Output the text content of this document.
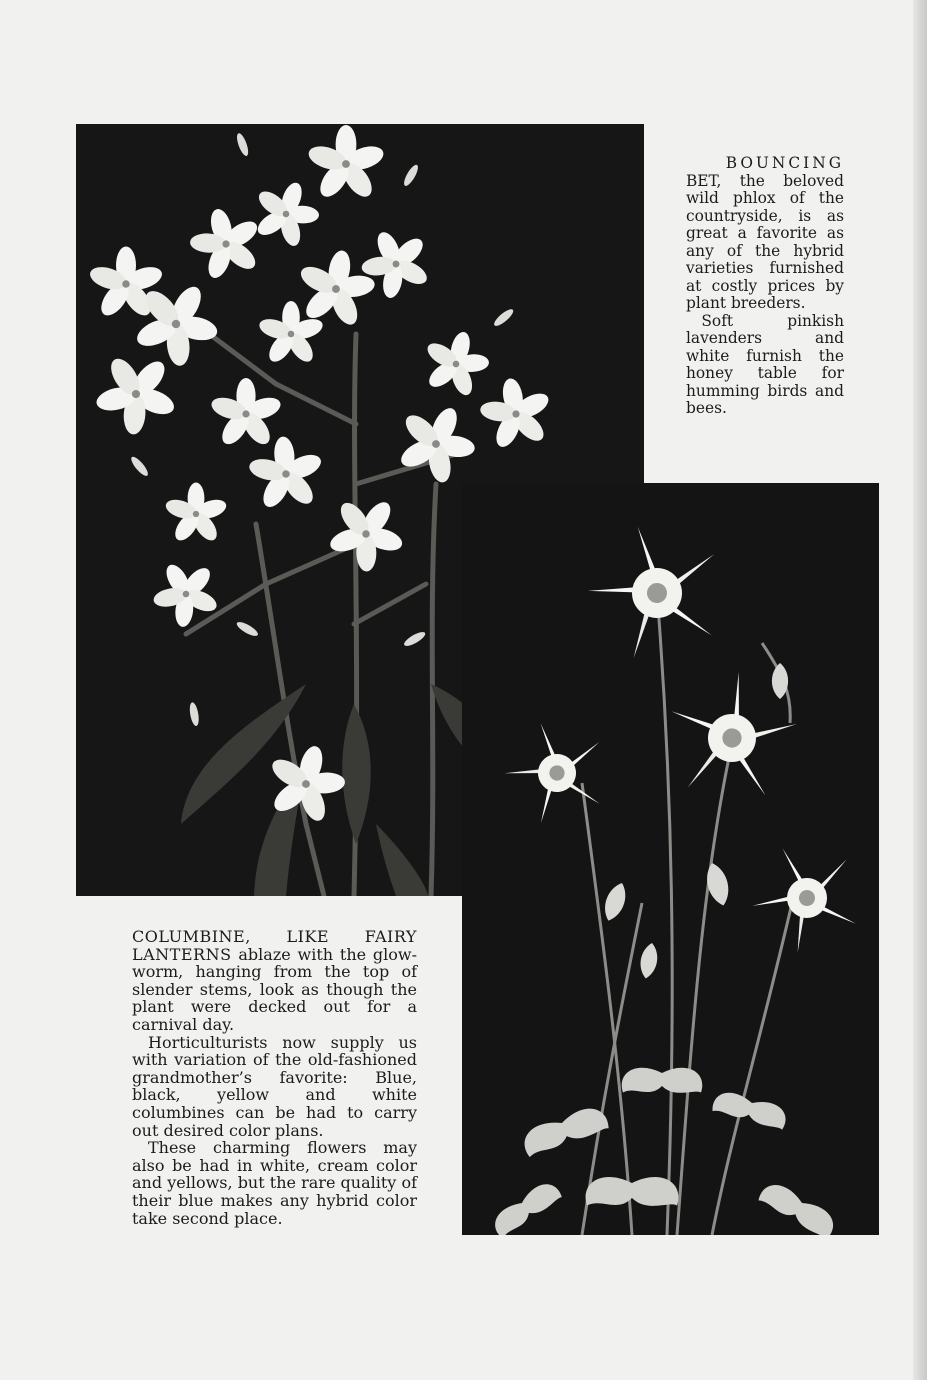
BOUNCING

BET, the beloved wild phlox of the countryside, is as great a favorite as any of the hybrid varieties furnished at costly prices by plant breeders.

Soft pinkish lavenders and white furnish the honey table for humming birds and bees.

COLUMBINE, LIKE FAIRY LANTERNS ablaze with the glow-worm, hanging from the top of slender stems, look as though the plant were decked out for a carnival day.

Horticulturists now supply us with variation of the old-fashioned grandmother’s favorite: Blue, black, yellow and white columbines can be had to carry out desired color plans.

These charming flowers may also be had in white, cream color and yellows, but the rare quality of their blue makes any hybrid color take second place.
